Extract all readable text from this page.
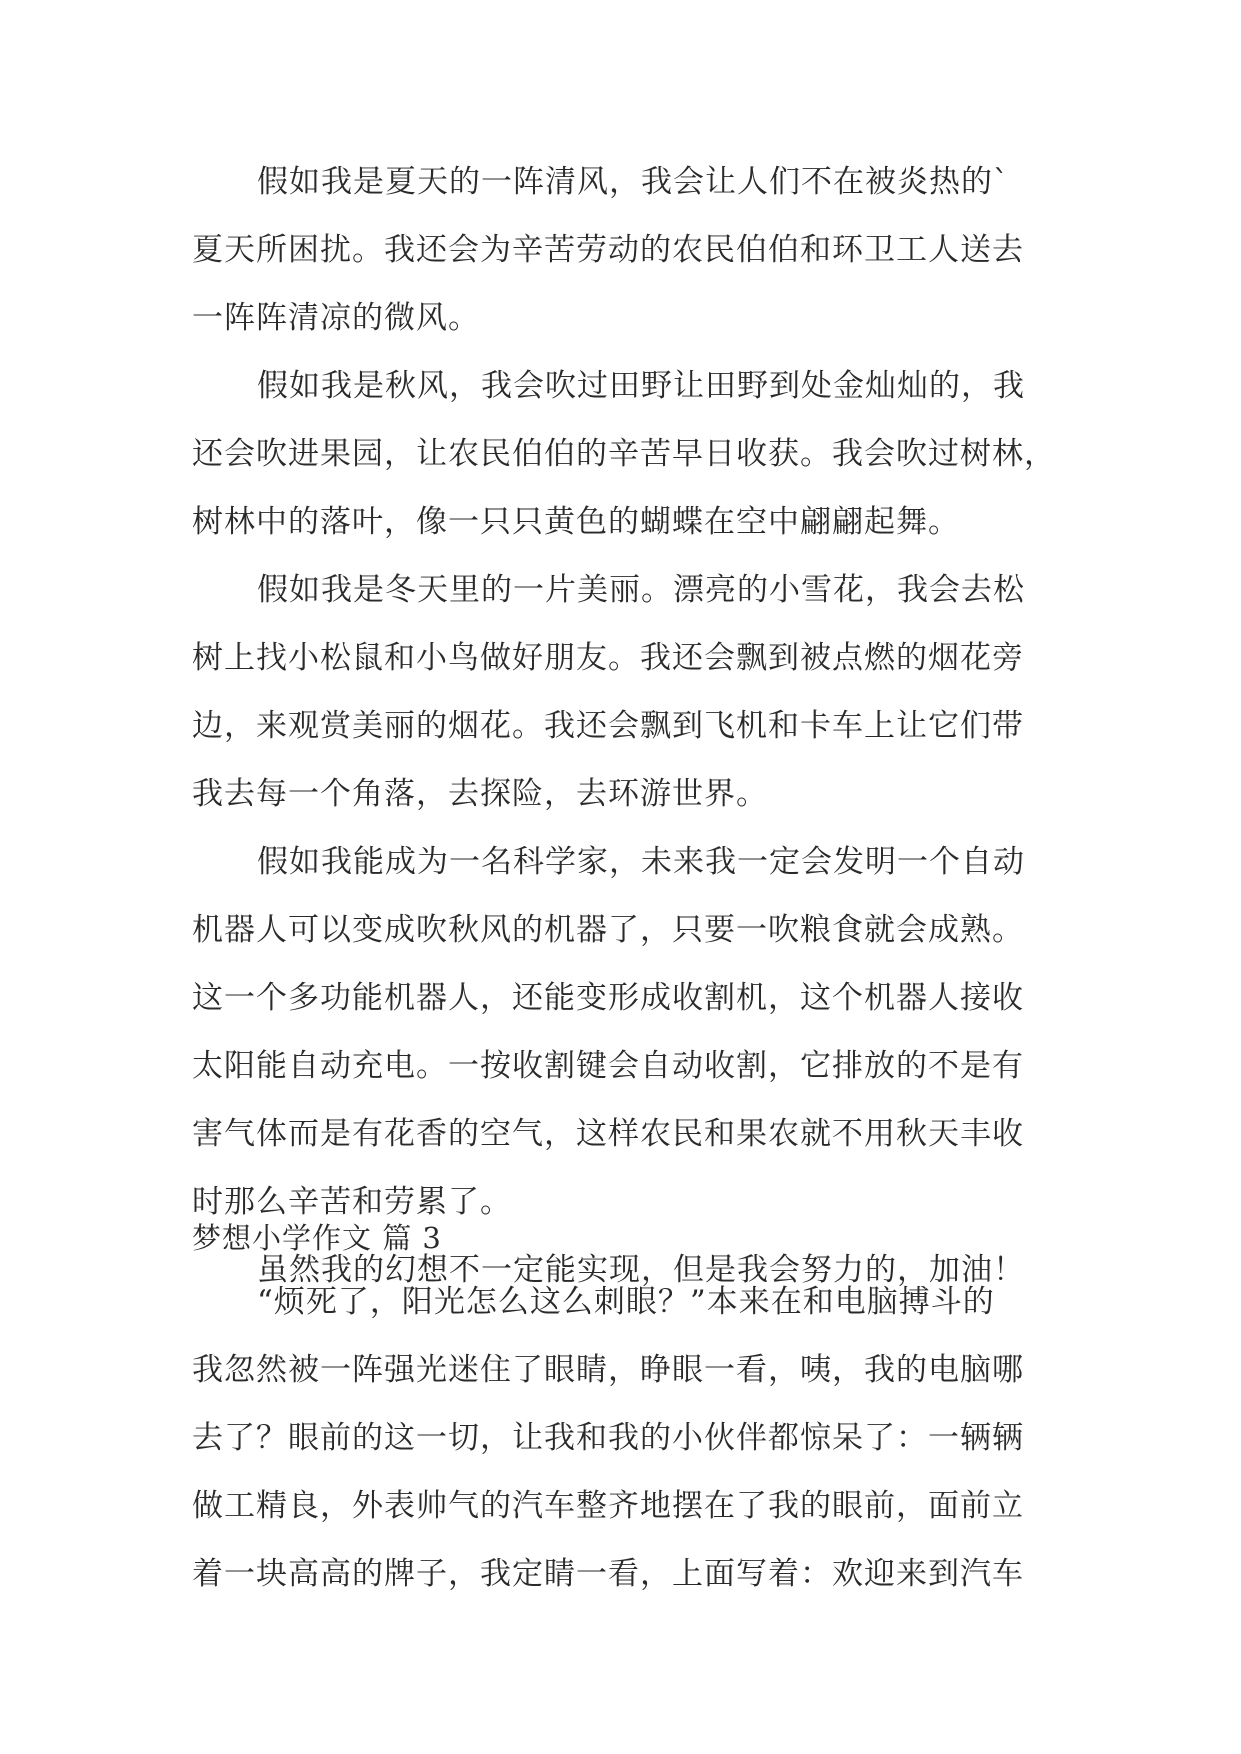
假如我是夏天的一阵清风，我会让人们不在被炎热的`
夏天所困扰。我还会为辛苦劳动的农民伯伯和环卫工人送去
一阵阵清凉的微风。
假如我是秋风，我会吹过田野让田野到处金灿灿的，我
还会吹进果园，让农民伯伯的辛苦早日收获。我会吹过树林，
树林中的落叶，像一只只黄色的蝴蝶在空中翩翩起舞。
假如我是冬天里的一片美丽。漂亮的小雪花，我会去松
树上找小松鼠和小鸟做好朋友。我还会飘到被点燃的烟花旁
边，来观赏美丽的烟花。我还会飘到飞机和卡车上让它们带
我去每一个角落，去探险，去环游世界。
假如我能成为一名科学家，未来我一定会发明一个自动
机器人可以变成吹秋风的机器了，只要一吹粮食就会成熟。
这一个多功能机器人，还能变形成收割机，这个机器人接收
太阳能自动充电。一按收割键会自动收割，它排放的不是有
害气体而是有花香的空气，这样农民和果农就不用秋天丰收
时那么辛苦和劳累了。
虽然我的幻想不一定能实现，但是我会努力的，加油！
梦想小学作文 篇 3
“烦死了，阳光怎么这么刺眼？”本来在和电脑搏斗的
我忽然被一阵强光迷住了眼睛，睁眼一看，咦，我的电脑哪
去了？眼前的这一切，让我和我的小伙伴都惊呆了：一辆辆
做工精良，外表帅气的汽车整齐地摆在了我的眼前，面前立
着一块高高的牌子，我定睛一看，上面写着：欢迎来到汽车
